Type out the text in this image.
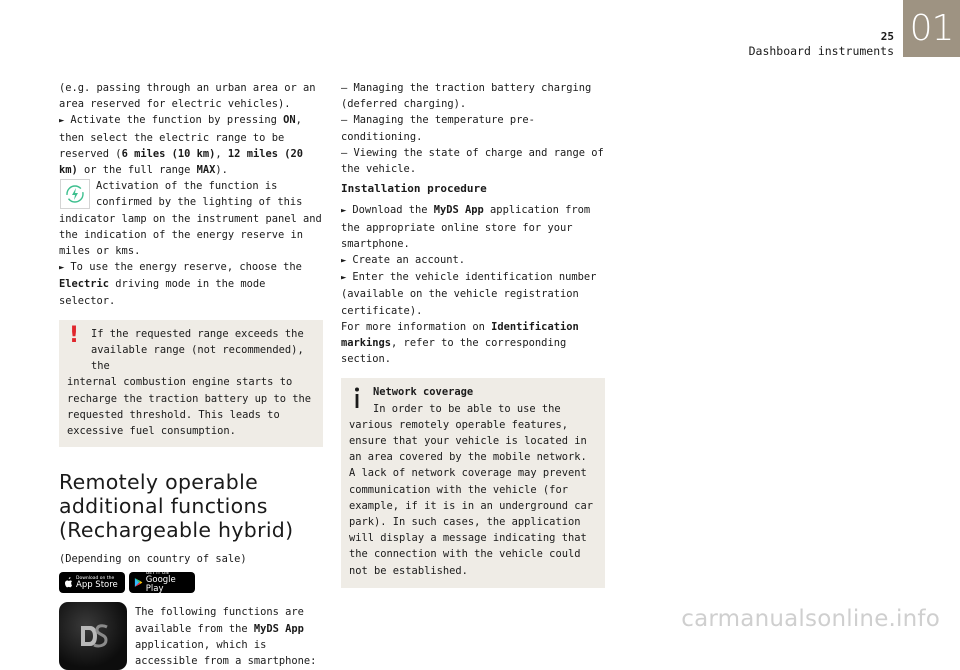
25
Dashboard instruments
01

(e.g. passing through an urban area or an area reserved for electric vehicles).

► Activate the function by pressing ON, then select the electric range to be reserved (6 miles (10 km), 12 miles (20 km) or the full range MAX).

Activation of the function is confirmed by the lighting of this indicator lamp on the instrument panel and the indication of the energy reserve in miles or kms.

► To use the energy reserve, choose the Electric driving mode in the mode selector.

!	If the requested range exceeds the available range (not recommended), the

internal combustion engine starts to recharge the traction battery up to the requested threshold. This leads to excessive fuel consumption.

Remotely operable
additional functions
(Rechargeable hybrid)

(Depending on country of sale)

Download on the
App Store
GET IT ON
Google Play

The following functions are available from the MyDS App application, which is accessible from a smartphone:

– Managing the traction battery charging (deferred charging).

– Managing the temperature pre-conditioning.

– Viewing the state of charge and range of the vehicle.

Installation procedure

► Download the MyDS App application from the appropriate online store for your smartphone.

► Create an account.

► Enter the vehicle identification number (available on the vehicle registration certificate).

For more information on Identification markings, refer to the corresponding section.

Network coverage

In order to be able to use the various remotely operable features, ensure that your vehicle is located in an area covered by the mobile network.

A lack of network coverage may prevent communication with the vehicle (for example, if it is in an underground car park). In such cases, the application will display a message indicating that the connection with the vehicle could not be established.

carmanualsonline.info
